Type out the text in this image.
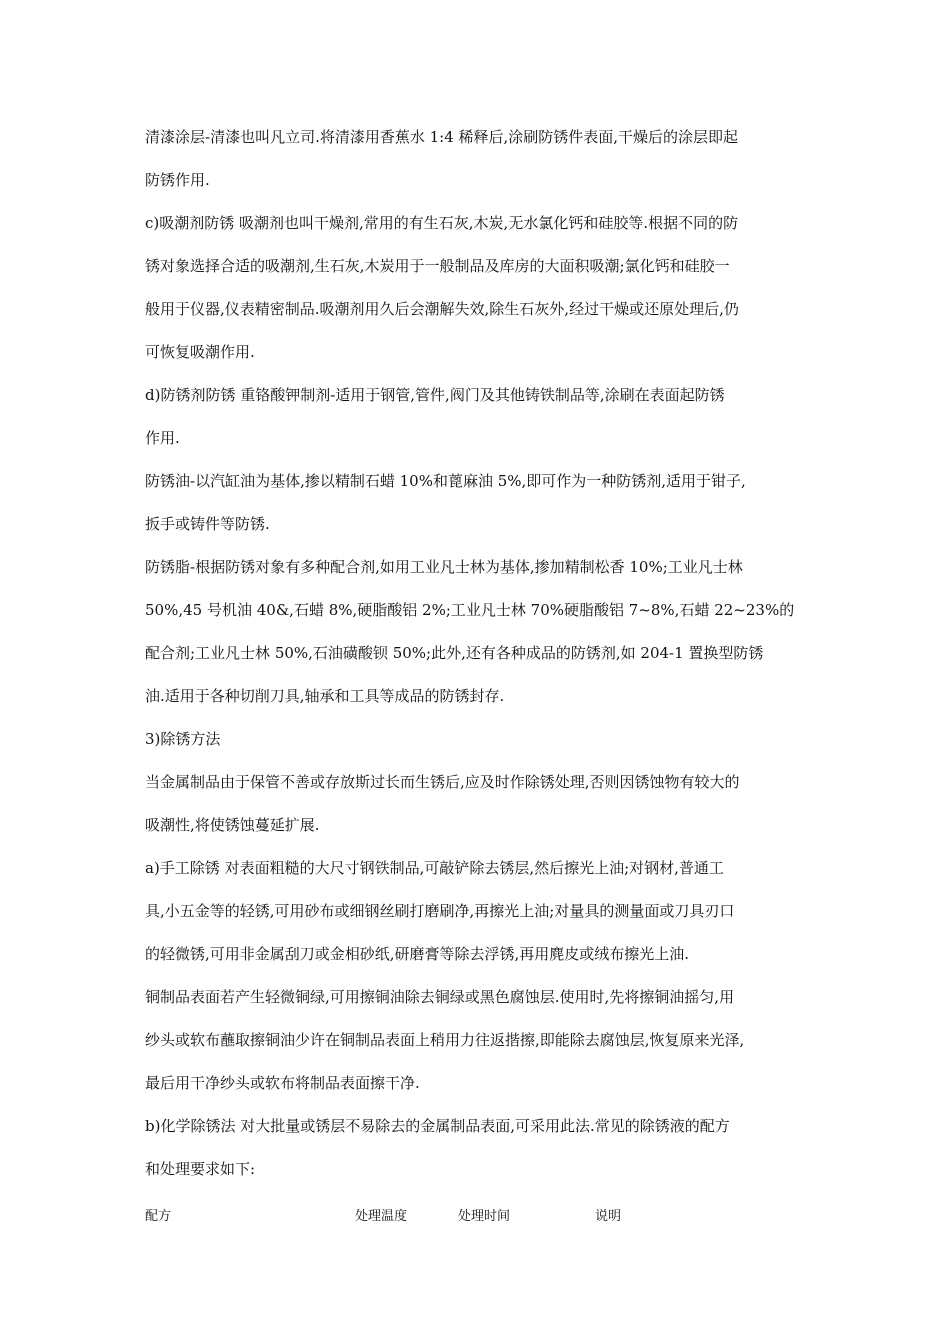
清漆涂层-清漆也叫凡立司.将清漆用香蕉水 1:4 稀释后,涂刷防锈件表面,干燥后的涂层即起
防锈作用.
c)吸潮剂防锈 吸潮剂也叫干燥剂,常用的有生石灰,木炭,无水氯化钙和硅胶等.根据不同的防
锈对象选择合适的吸潮剂,生石灰,木炭用于一般制品及库房的大面积吸潮;氯化钙和硅胶一
般用于仪器,仪表精密制品.吸潮剂用久后会潮解失效,除生石灰外,经过干燥或还原处理后,仍
可恢复吸潮作用.
d)防锈剂防锈 重铬酸钾制剂-适用于钢管,管件,阀门及其他铸铁制品等,涂刷在表面起防锈
作用.
防锈油-以汽缸油为基体,掺以精制石蜡 10%和蓖麻油 5%,即可作为一种防锈剂,适用于钳子,
扳手或铸件等防锈.
防锈脂-根据防锈对象有多种配合剂,如用工业凡士林为基体,掺加精制松香 10%;工业凡士林
50%,45 号机油 40&,石蜡 8%,硬脂酸铝 2%;工业凡士林 70%硬脂酸铝 7~8%,石蜡 22~23%的
配合剂;工业凡士林 50%,石油磺酸钡 50%;此外,还有各种成品的防锈剂,如 204-1 置换型防锈
油.适用于各种切削刀具,轴承和工具等成品的防锈封存.
3)除锈方法
当金属制品由于保管不善或存放斯过长而生锈后,应及时作除锈处理,否则因锈蚀物有较大的
吸潮性,将使锈蚀蔓延扩展.
a)手工除锈 对表面粗糙的大尺寸钢铁制品,可敲铲除去锈层,然后擦光上油;对钢材,普通工
具,小五金等的轻锈,可用砂布或细钢丝刷打磨刷净,再擦光上油;对量具的测量面或刀具刃口
的轻微锈,可用非金属刮刀或金相砂纸,研磨膏等除去浮锈,再用麂皮或绒布擦光上油.
铜制品表面若产生轻微铜绿,可用擦铜油除去铜绿或黑色腐蚀层.使用时,先将擦铜油摇匀,用
纱头或软布蘸取擦铜油少许在铜制品表面上稍用力往返揩擦,即能除去腐蚀层,恢复原来光泽,
最后用干净纱头或软布将制品表面擦干净.
b)化学除锈法 对大批量或锈层不易除去的金属制品表面,可采用此法.常见的除锈液的配方
和处理要求如下:
配方	处理温度	处理时间	说明
